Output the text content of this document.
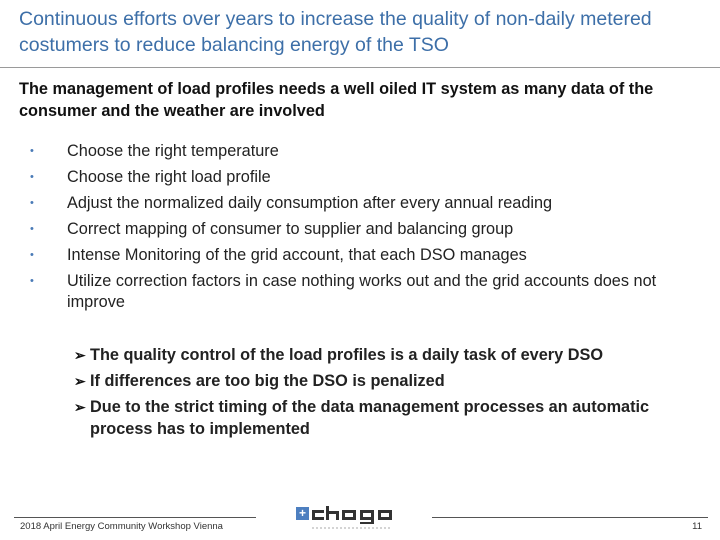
Continuous efforts over years to increase the quality of non-daily metered costumers to reduce balancing energy of the TSO
The management of load profiles needs a well oiled IT system as many data of the consumer and the weather are involved
• Choose the right temperature
• Choose the right load profile
• Adjust the normalized daily consumption after every annual reading
• Correct mapping of consumer to supplier and balancing group
• Intense Monitoring of the grid account, that each DSO manages
• Utilize correction factors in case nothing works out and the grid accounts does not improve
➢ The quality control of the load profiles is a daily task of every DSO
➢ If differences are too big the DSO is penalized
➢ Due to the strict timing of the data management processes an automatic process has to implemented
2018 April Energy Community Workshop Vienna	11
+
